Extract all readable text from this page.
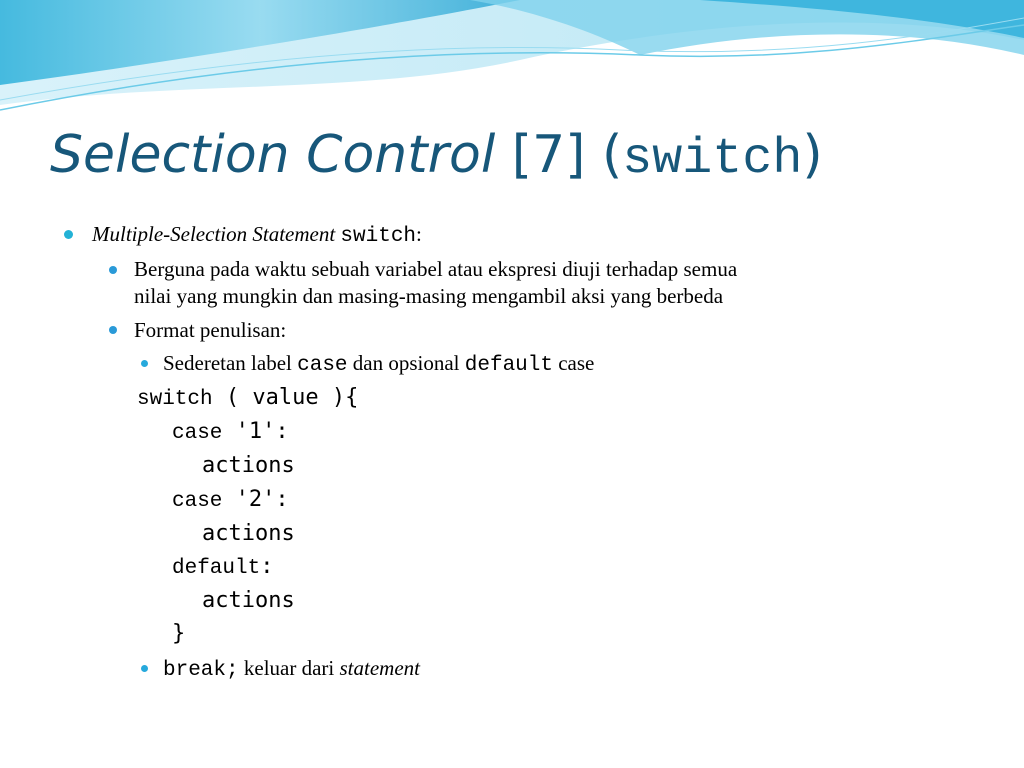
Selection Control [7] (switch)
Multiple-Selection Statement switch:
Berguna pada waktu sebuah variabel atau ekspresi diuji terhadap semua
nilai yang mungkin dan masing-masing mengambil aksi yang berbeda
Format penulisan:
Sederetan label case dan opsional default case
switch ( value ){
case '1':
actions
case '2':
actions
default:
actions
}
break; keluar dari statement
